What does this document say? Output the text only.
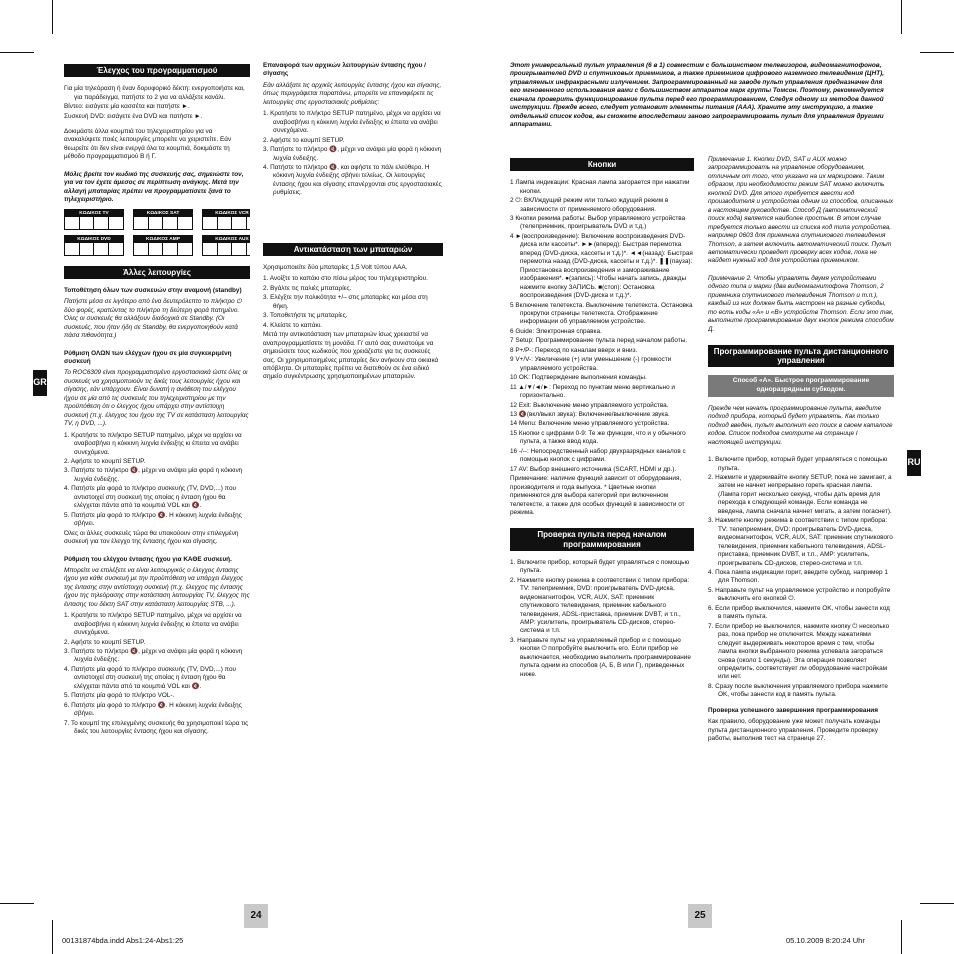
GR
RU
Έλεγχος του προγραμματισμού
Για μία τηλεόραση ή έναν δορυφορικό δέκτη: ενεργοποιήστε και, για παράδειγμα, πατήστε το 2 για να αλλάξετε κανάλι.
Βίντεο: εισάγετε μία κασσέτα και πατήστε ►.
Συσκευή DVD: εισάγετε ένα DVD και πατήστε ►.

Δοκιμάστε άλλα κουμπιά του τηλεχειριστηρίου για να ανακαλύψετε ποιές λειτουργίες μπορείτε να χειριστείτε. Εάν θεωρείτε ότι δεν είναι ενεργά όλα τα κουμπιά, δοκιμάστε τη μέθοδο προγραμματισμού B ή Γ.

Μόλις βρείτε τον κωδικό της συσκευής σας, σημειώστε τον, για να τον έχετε άμεσος σε περίπτωση ανάγκης. Μετά την αλλαγή μπαταρίας πρέπει να προγραμματίσετε ξανά το τηλεχειριστήριο.

ΚΩΔΙΚΟΣ TV	ΚΩΔΙΚΟΣ SAT	ΚΩΔΙΚΟΣ VCR
ΚΩΔΙΚΟΣ DVD	ΚΩΔΙΚΟΣ AMP	ΚΩΔΙΚΟΣ AUX
Άλλες λειτουργίες

Τοποθέτηση όλων των συσκευών στην αναμονή (standby)

Πατήστε μέσα σε λιγότερο από ένα δευτερόλεπτο το πλήκτρο ⏻ δύο φορές, κρατώντας το πλήκτρο τη δεύτερη φορά πατημένο. Όλες οι συσκευές θα αλλάξουν διαδοχικά σε Standby. (Οι συσκευές, που ήταν ήδη σε Standby, θα ενεργοποιηθούν κατά πάσα πιθανότητα.)

Ρύθμιση ΟΛΩΝ των ελέγχων ήχου σε μία συγκεκριμένη συσκευή

Το ROC6309 είναι προγραμματισμένο εργοστασιακά ώστε όλες οι συσκευές να χρησιμοποιούν τις δικές τους λειτουργίες ήχου και σίγασης, εάν υπάρχουν. Είναι δυνατή η ανάθεση του ελέγχου ήχου σε μία από τις συσκευές του τηλεχειριστηρίου με την προϋπόθεση ότι ο έλεγχος ήχου υπάρχει στην αντίστοιχη συσκευή (π.χ. έλεγχος του ήχου της TV σε κατάσταση λειτουργίας TV, η DVD, ...).

1. Κρατήστε το πλήκτρο SETUP πατημένο, μέχρι να αρχίσει να αναβοσβήνει η κόκκινη λυχνία ένδειξης κι έπειτα να ανάβει συνεχόμενα.
2. Αφήστε το κουμπί SETUP.
3. Πατήστε το πλήκτρο 🔇, μέχρι να ανάψει μία φορά η κόκκινη λυχνία ένδειξης.
4. Πατήστε μία φορά το πλήκτρο συσκευής (TV, DVD,...) που αντιστοιχεί στη συσκευή της οποίας η ένταση ήχου θα ελέγχεται πάντα από τα κουμπιά VOL και 🔇.
5. Πατήστε μία φορά το πλήκτρο 🔇. Η κόκκινη λυχνία ένδειξης σβήνει.

Όλες οι άλλες συσκευές τώρα θα υπακούουν στην επιλεγμένη συσκευή για τον έλεγχο της έντασης ήχου και σίγασης.

Ρύθμιση του ελέγχου έντασης ήχου για ΚΑΘΕ συσκευή.

Μπορείτε να επιλέξετε να είναι λειτουργικός ο έλεγχος έντασης ήχου για κάθε συσκευή με την προϋπόθεση να υπάρχει έλεγχος της έντασης στην αντίστοιχη συσκευή (π.χ. έλεγχος της έντασης ήχου της τηλεόρασης στην κατάσταση λειτουργίας TV, έλεγχος της έντασης του δέκτη SAT στην κατάσταση λειτουργίας STB, ...).

1. Κρατήστε το πλήκτρο SETUP πατημένο, μέχρι να αρχίσει να αναβοσβήνει η κόκκινη λυχνία ένδειξης κι έπειτα να ανάβει συνεχόμενα.
2. Αφήστε το κουμπί SETUP.
3. Πατήστε το πλήκτρο 🔇, μέχρι να ανάψει μία φορά η κόκκινη λυχνία ένδειξης.
4. Πατήστε μία φορά το πλήκτρο συσκευής (TV, DVD,...) που αντιστοιχεί στη συσκευή της οποίας η ένταση ήχου θα ελέγχεται πάντα από τα κουμπιά VOL και 🔇.
5. Πατήστε μία φορά το πλήκτρο VOL-.
6. Πατήστε μία φορά το πλήκτρο 🔇. Η κόκκινη λυχνία ένδειξης σβήνει.
7. Το κουμπί της επιλεγμένης συσκευής θα χρησιμοποιεί τώρα τις δικές του λειτουργίες έντασης ήχου και σίγασης.

Επαναφορά των αρχικών λειτουργιών έντασης ήχου / σίγασης

Εάν αλλάξατε τις αρχικές λειτουργίες έντασης ήχου και σίγασης, όπως περιγράφεται παραπάνω, μπορείτε να επαναφέρετε τις λειτουργίες στις εργοστασιακές ρυθμίσεις:

1. Κρατήστε το πλήκτρο SETUP πατημένο, μέχρι να αρχίσει να αναβοσβήνει η κόκκινη λυχνία ένδειξης κι έπειτα να ανάβει συνεχόμενα.
2. Αφήστε το κουμπί SETUP.
3. Πατήστε το πλήκτρο 🔇, μέχρι να ανάψει μία φορά η κόκκινη λυχνία ένδειξης.
4. Πατήστε το πλήκτρο 🔇, και αφήστε το πάλι ελεύθερο. Η κόκκινη λυχνία ένδειξης σβήνει τελείως. Οι λειτουργίες έντασης ήχου και σίγασης επανέρχονται στις εργοστασιακές ρυθμίσεις.
Αντικατάσταση των μπαταριών

Χρησιμοποιείτε δύο μπαταρίες 1,5 Volt τύπου AAA.

1. Ανοίξτε το καπάκι στο πίσω μέρος του τηλεχειριστηρίου.
2. Βγάλτε τις παλιές μπαταρίες.
3. Ελέγξτε την πολικότητα +/– στις μπαταρίες και μέσα στη θήκη.
3. Τοποθετήστε τις μπαταρίες.
4. Κλείστε το καπάκι.

Μετά την αντικατάσταση των μπαταριών ίσως χρειαστεί να αναπρογραμματίσετε τη μονάδα. Γι' αυτό σας συνιστούμε να σημειώσετε τους κωδικούς που χρειάζεστε για τις συσκευές σας. Οι χρησιμοποιημένες μπαταρίες δεν ανήκουν στα οικιακά απόβλητα. Οι μπαταρίες πρέπει να διατεθούν σε ένα ειδικό σημείο συγκέντρωσης χρησιμοποιημένων μπαταριών.

Этот универсальный пульт управления (6 в 1) совместим с большинством телевизоров, видеомагнитофонов, проигрывателей DVD и спутниковых приемников, а также приемников цифрового наземного телевидения (ЦНТ), управляемых инфракрасными излучением. Запрограммированный на заводе пульт управления предназначен для его мгновенного использования вами с большинством аппаратов марк группы Томсон. Поэтому, рекомендуется сначала проверить функционирование пульта перед его программированием, Следуя одному из методов данной инструкции. Прежде всего, следует установит элементы питания (AAA). Храните эту инструкцию, а также отдельный список кодов, вы сможете впоследствии заново запрограммировать пульт для управления другими аппаратами.

Кнопки
1 Лампа индикации: Красная лампа загорается при нажатии кнопки.
2 ⏻: ВКЛ/ждущий режим или только ждущий режим в зависимости от применяемого оборудования.
3 Кнопки режима работы: Выбор управляемого устройства (телеприемник, проигрыватель DVD и т.д.)
4 ►(воспроизведение): Включение воспроизведения DVD-диска или кассеты*. ►►(вперед): Быстрая перемотка вперед (DVD-диска, кассеты и т.д.)*. ◄◄(назад): Быстрая перемотка назад (DVD-диска, кассеты и т.д.)*. ❚❚(пауза): Приостановка воспроизведения и замораживание изображения*. ●(запись): Чтобы начать запись, дважды нажмите кнопку ЗАПИСЬ. ■(стоп): Остановка воспроизведения (DVD-диска и т.д.)*.
5 Включение телетекста. Выключение телетекста. Остановка прокрутки страницы телетекста. Отображение информации об управляемом устройстве.
6 Guide: Электронная справка.
7 Setup: Программирование пульта перед началом работы.
8 P+/P-: Переход по каналам вверх и вниз.
9 V+/V-: Увеличение (+) или уменьшение (-) громкости управляемого устройства.
10 OK: Подтверждение выполнения команды.
11 ▲/▼/◄/►: Переход по пунктам меню вертикально и горизонтально.
12 Exit: Выключение меню управляемого устройства.
13 🔇(вкл/выкл звука): Включение/выключение звука.
14 Menu: Включение меню управляемого устройства.
15 Кнопки с цифрами 0-9: Те же функции, что и у обычного пульта, а также ввод кода.
16 -/--: Непосредственный набор двухразрядных каналов с помощью кнопок с цифрами.
17 AV: Выбор внешнего источника (SCART, HDMI и др.).

Примечание: наличие функций зависит от оборудования, производителя и года выпуска. * Цветные кнопки применяются для выбора категорий при включенном телетексте, а также для особых функций в зависимости от режима.

Проверка пульта перед началом программирования
1. Включите прибор, который будет управляться с помощью пульта.
2. Нажмите кнопку режима в соответствии с типом прибора: TV: телеприемник, DVD: проигрыватель DVD-диска, видеомагнитофон, VCR, AUX, SAT: приемник спутникового телевидения, приемник кабельного телевидения, ADSL-приставка, приемник DVBT, и т.п., AMP: усилитель, проигрыватель CD-дисков, стерео-система и т.п.
3. Направьте пульт на управляемый прибор и с помощью кнопки ⏻ попробуйте выключить его. Если прибор не выключается, необходимо выполнить программирование пульта одним из способов (А, Б, В или Г), приведенных ниже.

Примечание 1. Кнопки DVD, SAT и AUX можно запрограммировать на управление оборудованием, отличным от того, что указано на их маркировке. Таким образом, при необходимости режим SAT можно включить кнопкой DVD. Для этого требуется ввести код производителя и устройства одним из способов, описанных в настоящем руководстве. Способ Д (автоматический поиск кода) является наиболее простым. В этом случае требуется только ввести из списка код типа устройства, например 0603 для приемника спутникового телевидения Thomson, а затем включить автоматический поиск. Пульт автоматически проведет проверку всех кодов, пока не найдет нужный код для устройства приемником.

Примечание 2. Чтобы управлять двумя устройствами одного типа и марки (два видеомагнитофона Thomson, 2 приемника спутникового телевидения Thomson и т.п.), каждый из них должен быть настроен на разные субкоды, то есть коды «A» и «B» устройств Thomson. Если это так, выполните программирование двух кнопок режима способом Д.

Программирование пульта дистанционного управления
Способ «A». Быстрое программирование одноразрядным субкодом.

Прежде чем начать программирование пульта, введите подход прибора, который будет управлять. Как только подход введен, пульт выполнит его поиск в своем каталоге кодов. Список подходов смотрите на странице I настоящей инструкции.

1. Включите прибор, который будет управляться с помощью пульта.
2. Нажмите и удерживайте кнопку SETUP, пока не замигает, а затем не начнет непрерывно гореть красная лампа. (Лампа горит несколько секунд, чтобы дать время для перехода к следующей команде. Если команда не введена, лампа сначала начнет мигать, а затем погаснет).
3. Нажмите кнопку режима в соответствии с типом прибора: TV: телеприемник, DVD: проигрыватель DVD-диска, видеомагнитофон, VCR, AUX, SAT: приемник спутникового телевидения, приемник кабельного телевидения, ADSL-приставка, приемник DVBT, и т.п., AMP: усилитель, проигрыватель CD-дисков, стерео-система и т.п.
4. Пока лампа индикации горит, введите субкод, например 1 для Thomson.
5. Направьте пульт на управляемое устройство и попробуйте выключить его кнопкой ⏻.
6. Если прибор выключился, нажмите OK, чтобы занести код в память пульта.
7. Если прибор не выключился, нажмите кнопку ⏻ несколько раз, пока прибор не отключится. Между нажатиями следует выдерживать некоторое время с тем, чтобы лампа кнопки выбранного режима успевала загораться снова (около 1 секунды). Эта операция позволяет определить, соответствует ли оборудование настройкам или нет.
8. Сразу после выключения управляемого прибора нажмите OK, чтобы занести код в память пульта.

Проверка успешного завершения программирования

Как правило, оборудование уже может получать команды пульта дистанционного управления. Проведите проверку работы, выполнив тест на странице 27.

24	25
00131874bda.indd Abs1:24-Abs1:25	05.10.2009 8:20:24 Uhr
